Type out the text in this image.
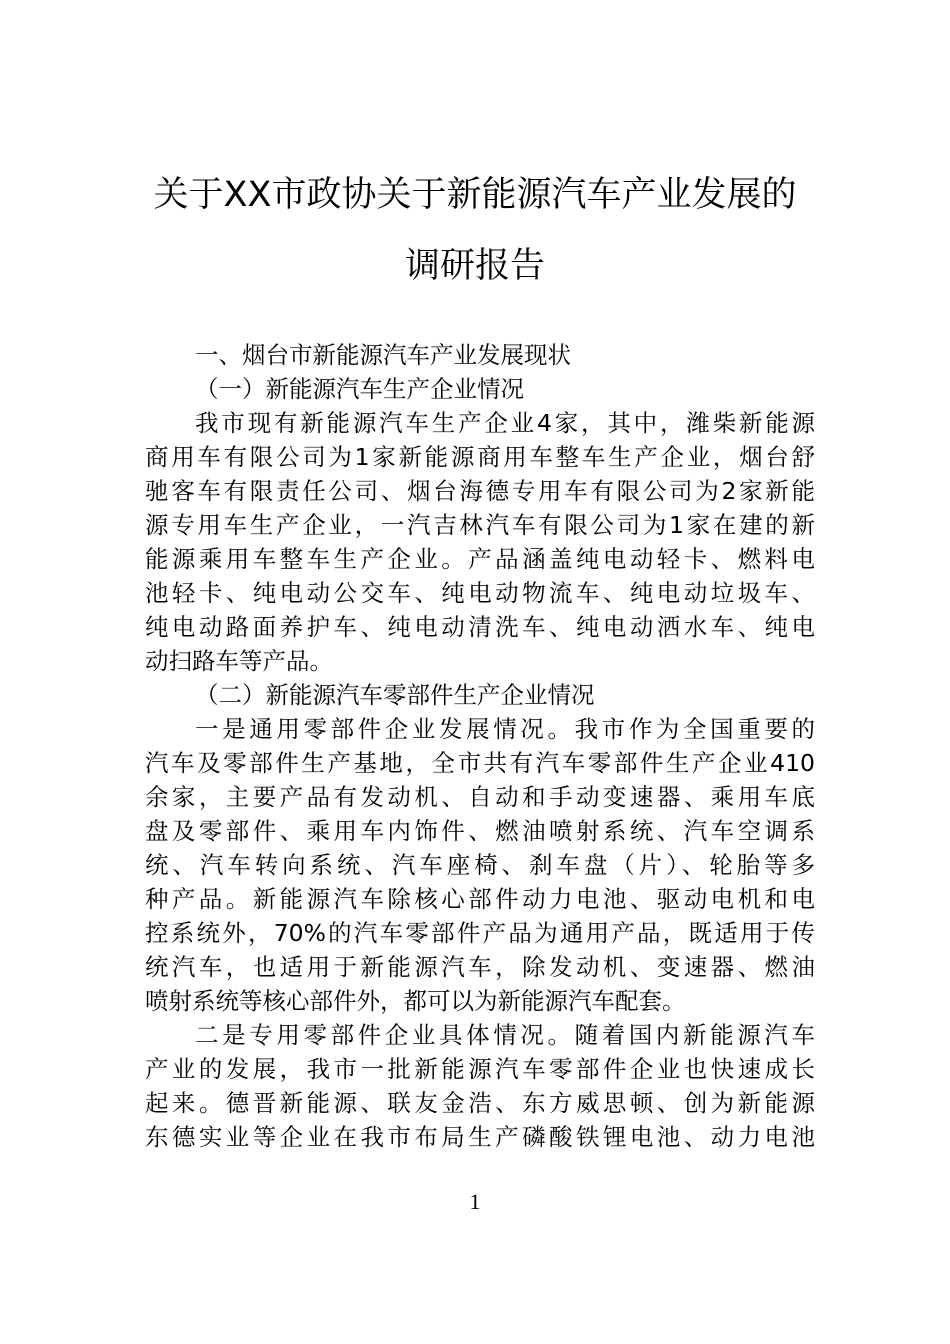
关于XX市政协关于新能源汽车产业发展的
调研报告
一、烟台市新能源汽车产业发展现状
（一）新能源汽车生产企业情况
我市现有新能源汽车生产企业4家，其中，潍柴新能源
商用车有限公司为1家新能源商用车整车生产企业，烟台舒
驰客车有限责任公司、烟台海德专用车有限公司为2家新能
源专用车生产企业，一汽吉林汽车有限公司为1家在建的新
能源乘用车整车生产企业。产品涵盖纯电动轻卡、燃料电
池轻卡、纯电动公交车、纯电动物流车、纯电动垃圾车、
纯电动路面养护车、纯电动清洗车、纯电动洒水车、纯电
动扫路车等产品。
（二）新能源汽车零部件生产企业情况
一是通用零部件企业发展情况。我市作为全国重要的
汽车及零部件生产基地，全市共有汽车零部件生产企业410
余家，主要产品有发动机、自动和手动变速器、乘用车底
盘及零部件、乘用车内饰件、燃油喷射系统、汽车空调系
统、汽车转向系统、汽车座椅、刹车盘（片）、轮胎等多
种产品。新能源汽车除核心部件动力电池、驱动电机和电
控系统外，70%的汽车零部件产品为通用产品，既适用于传
统汽车，也适用于新能源汽车，除发动机、变速器、燃油
喷射系统等核心部件外，都可以为新能源汽车配套。
二是专用零部件企业具体情况。随着国内新能源汽车
产业的发展，我市一批新能源汽车零部件企业也快速成长
起来。德晋新能源、联友金浩、东方威思顿、创为新能源
东德实业等企业在我市布局生产磷酸铁锂电池、动力电池
1
